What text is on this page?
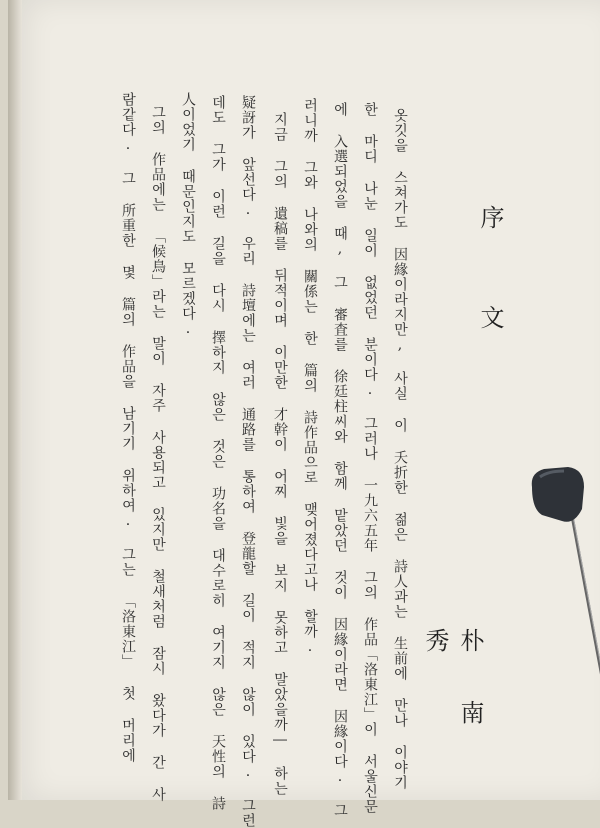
序
文
朴 南 秀
옷깃을 스쳐가도 因緣이라지만, 사실 이 夭折한 젊은 詩人과는 生前에 만나 이야기
한 마디 나눈 일이 없었던 분이다. 그러나 一九六五年 그의 作品「洛東江」이 서울신문
에 入選되었을 때, 그 審査를 徐廷柱씨와 함께 맡았던 것이 因緣이라면 因緣이다. 그
러니까 그와 나와의 關係는 한 篇의 詩作品으로 맺어졌다고나 할까.
지금 그의 遺稿를 뒤적이며 이만한 才幹이 어찌 빛을 보지 못하고 말았을까― 하는
疑訝가 앞선다. 우리 詩壇에는 여러 通路를 통하여 登龍할 길이 적지 않이 있다. 그런
데도 그가 이런 길을 다시 擇하지 않은 것은 功名을 대수로히 여기지 않은 天性의 詩
人이었기 때문인지도 모르겠다.
그의 作品에는 「候鳥」라는 말이 자주 사용되고 있지만 철새처럼 잠시 왔다가 간 사
람같다. 그 所重한 몇 篇의 作品을 남기기 위하여. 그는 「洛東江」 첫 머리에
